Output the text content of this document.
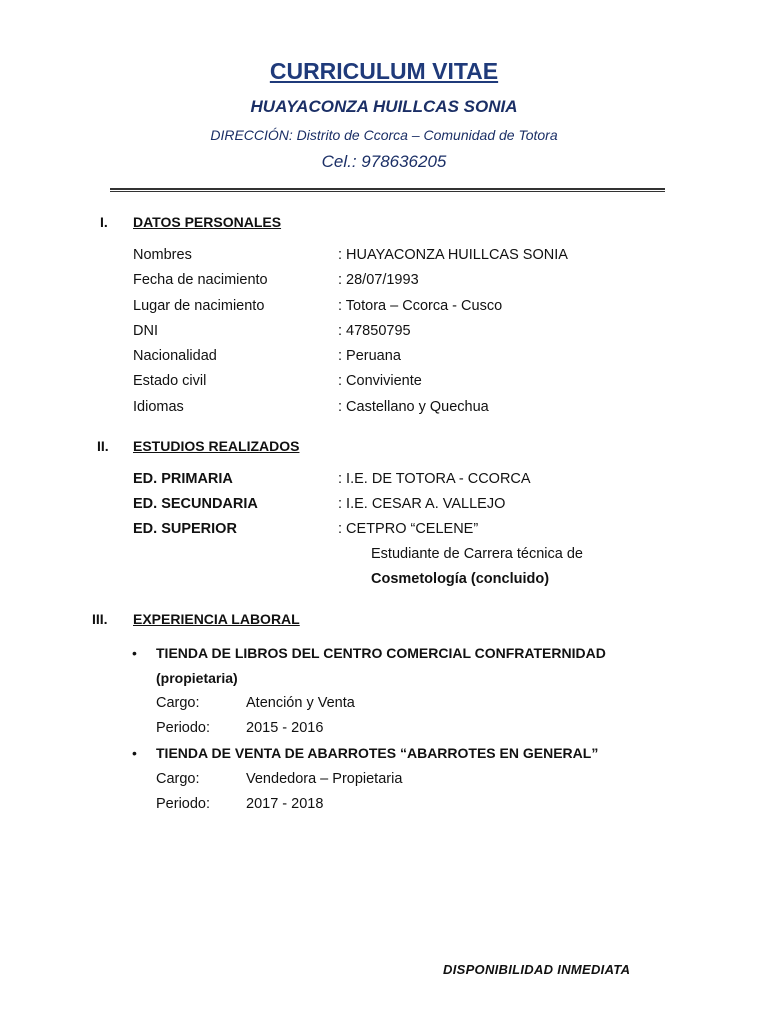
CURRICULUM VITAE
HUAYACONZA HUILLCAS SONIA
DIRECCIÓN: Distrito de Ccorca – Comunidad de Totora
Cel.: 978636205
I. DATOS PERSONALES
Nombres	: HUAYACONZA HUILLCAS SONIA
Fecha de nacimiento	: 28/07/1993
Lugar de nacimiento	: Totora – Ccorca - Cusco
DNI	: 47850795
Nacionalidad	: Peruana
Estado civil	: Conviviente
Idiomas	: Castellano y Quechua
II. ESTUDIOS REALIZADOS
ED. PRIMARIA	: I.E. DE TOTORA - CCORCA
ED. SECUNDARIA	: I.E. CESAR A. VALLEJO
ED. SUPERIOR	: CETPRO “CELENE”
Estudiante de Carrera técnica de
Cosmetología (concluido)
III. EXPERIENCIA LABORAL
• TIENDA DE LIBROS DEL CENTRO COMERCIAL CONFRATERNIDAD
(propietaria)
Cargo:	Atención y Venta
Periodo: 2015 - 2016
• TIENDA DE VENTA DE ABARROTES “ABARROTES EN GENERAL”
Cargo:	Vendedora – Propietaria
Periodo: 2017 - 2018
DISPONIBILIDAD INMEDIATA
